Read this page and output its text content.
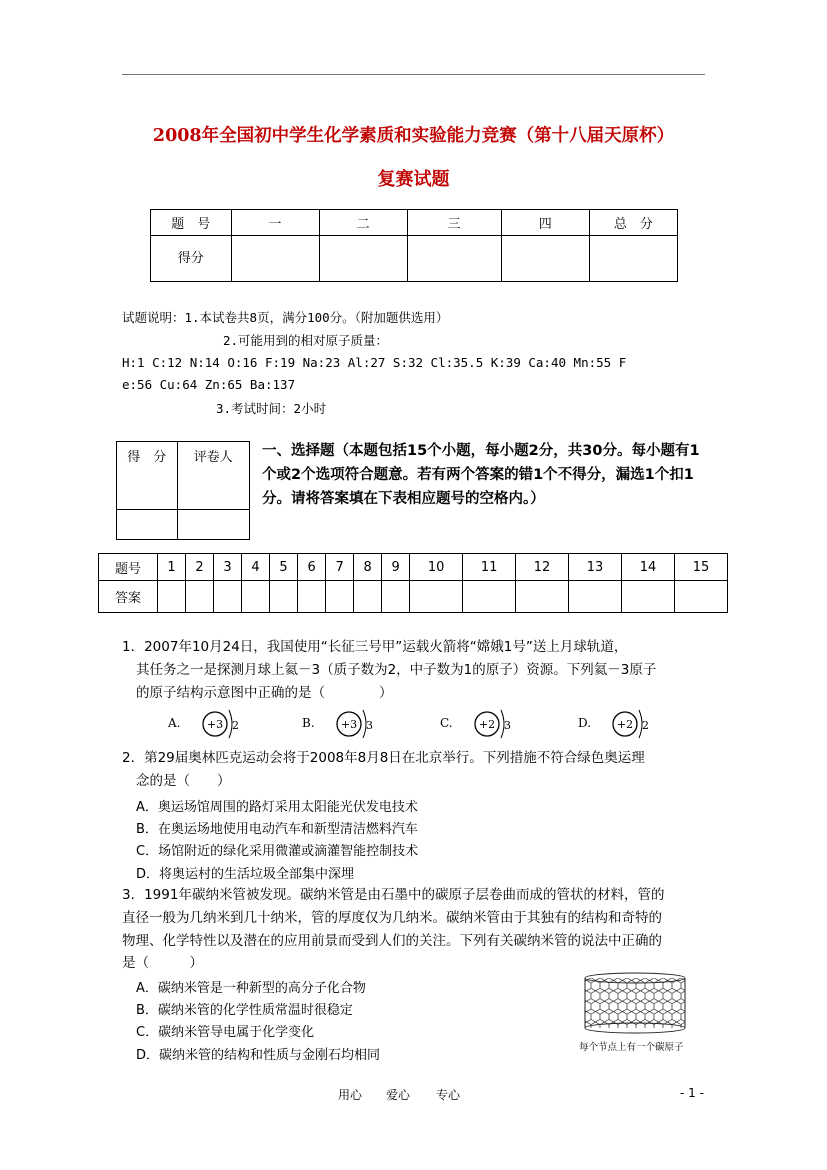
2008年全国初中学生化学素质和实验能力竞赛（第十八届天原杯）
复赛试题
题　号	一	二	三	四	总　分
得分					
试题说明：1.本试卷共8页，满分100分。（附加题供选用）
2.可能用到的相对原子质量：
H:1 C:12 N:14 O:16 F:19 Na:23 Al:27 S:32 Cl:35.5 K:39 Ca:40 Mn:55 F
e:56 Cu:64 Zn:65 Ba:137
3.考试时间：2小时
得　分	评卷人
	一、选择题（本题包括15个小题，每小题2分，共30分。每小题有1个或2个选项符合题意。若有两个答案的错1个不得分，漏选1个扣1分。请将答案填在下表相应题号的空格内。）
题号	1	2	3	4	5	6	7	8	9	10	11	12	13	14	15
答案															
1．2007年10月24日，我国使用“长征三号甲”运载火箭将“嫦娥1号”送上月球轨道，
其任务之一是探测月球上氦－3（质子数为2，中子数为1的原子）资源。下列氦－3原子
的原子结构示意图中正确的是（　　　　）
A. +3 2	B. +3 3	C. +2 3	D. +2 2
2．第29届奥林匹克运动会将于2008年8月8日在北京举行。下列措施不符合绿色奥运理
念的是（　　）
A．奥运场馆周围的路灯采用太阳能光伏发电技术
B．在奥运场地使用电动汽车和新型清洁燃料汽车
C．场馆附近的绿化采用微灌或滴灌智能控制技术
D．将奥运村的生活垃圾全部集中深埋
3．1991年碳纳米管被发现。碳纳米管是由石墨中的碳原子层卷曲而成的管状的材料，管的
直径一般为几纳米到几十纳米，管的厚度仅为几纳米。碳纳米管由于其独有的结构和奇特的
物理、化学特性以及潜在的应用前景而受到人们的关注。下列有关碳纳米管的说法中正确的
是（　　　）
A．碳纳米管是一种新型的高分子化合物
B．碳纳米管的化学性质常温时很稳定
C．碳纳米管导电属于化学变化
D．碳纳米管的结构和性质与金刚石均相同
每个节点上有一个碳原子
用心 爱心 专心	- 1 -
